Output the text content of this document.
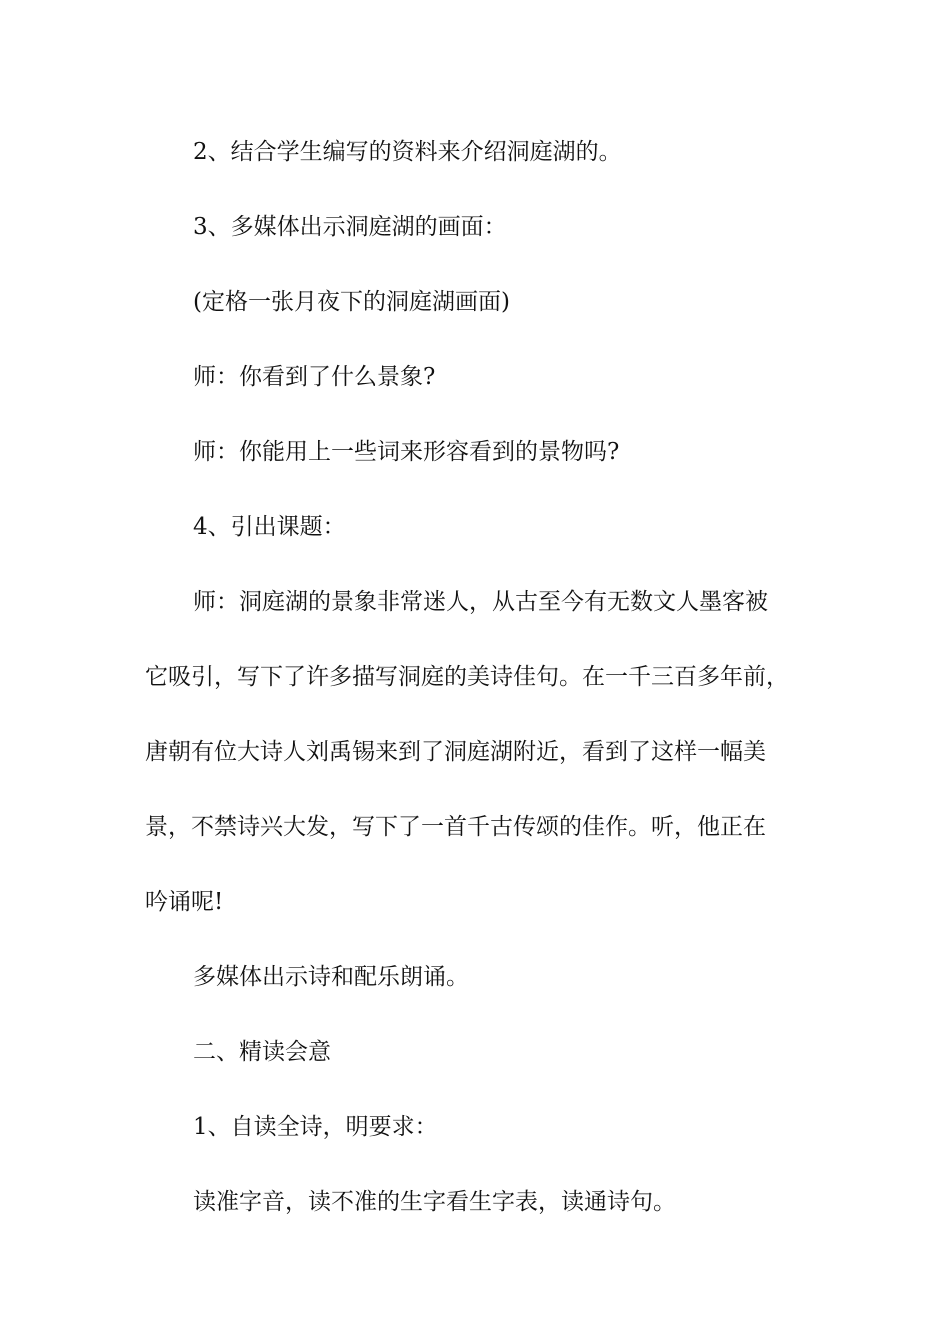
2、结合学生编写的资料来介绍洞庭湖的。
3、多媒体出示洞庭湖的画面：
(定格一张月夜下的洞庭湖画面)
师：你看到了什么景象?
师：你能用上一些词来形容看到的景物吗?
4、引出课题：
师：洞庭湖的景象非常迷人，从古至今有无数文人墨客被
它吸引，写下了许多描写洞庭的美诗佳句。在一千三百多年前，
唐朝有位大诗人刘禹锡来到了洞庭湖附近，看到了这样一幅美
景，不禁诗兴大发，写下了一首千古传颂的佳作。听，他正在
吟诵呢!
多媒体出示诗和配乐朗诵。
二、精读会意
1、自读全诗，明要求：
读准字音，读不准的生字看生字表，读通诗句。
